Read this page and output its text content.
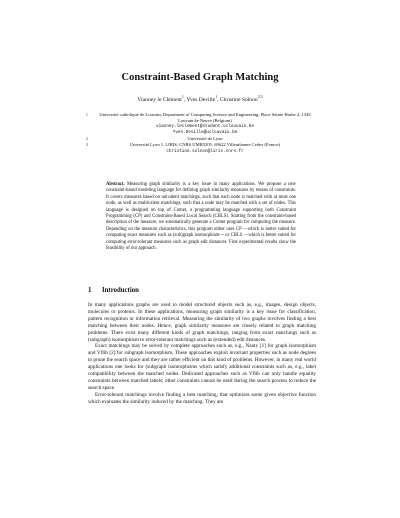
Constraint-Based Graph Matching
Vianney le Clément$^1$, Yves Deville$^1$, Christine Solnon$^{2,3}$
1	Université catholique de Louvain, Department of Computing Science and Engineering, Place Sainte-Barbe 2, 1348 Louvain-la-Neuve (Belgium)
vianney.leclement@student.uclouvain.be
Yves.Deville@uclouvain.be
2	Université de Lyon
3	Université Lyon 1, LIRIS, CNRS UMR5205, 69622 Villeurbanne Cedex (France)
christine.solnon@liris.cnrs.fr
Abstract. Measuring graph similarity is a key issue in many applications. We propose a new constraint-based modeling language for defining graph similarity measures by means of constraints. It covers measures based on univalent matchings, such that each node is matched with at most one node, as well as multivalent matchings, such that a node may be matched with a set of nodes. This language is designed on top of Comet, a programming language supporting both Constraint Programming (CP) and Constraint-Based Local Search (CBLS). Starting from the constraint-based description of the measure, we automatically generate a Comet program for computing the measure. Depending on the measure characteristics, this program either uses CP —which is better suited for computing exact measures such as (sub)graph isomorphism— or CBLS —which is better suited for computing error-tolerant measures such as graph edit distances. First experimental results show the feasibility of our approach.
1 Introduction

In many applications graphs are used to model structured objects such as, e.g., images, design objects, molecules or proteins. In these applications, measuring graph similarity is a key issue for classification, pattern recognition or information retrieval. Measuring the similarity of two graphs involves finding a best matching between their nodes. Hence, graph similarity measures are closely related to graph matching problems. There exist many different kinds of graph matchings, ranging from exact matchings such as (subgraph) isomorphism to error-tolerant matchings such as (extended) edit distances.

Exact matchings may be solved by complete approaches such as, e.g., Nauty [1] for graph isomorphism and Vflib [2] for subgraph isomorphism. These approaches exploit invariant properties such as node degrees to prune the search space and they are rather efficient on this kind of problems. However, in many real world applications one looks for (subgraph isomorphisms which satisfy additional constraints such as, e.g., label compatibility between the matched nodes. Dedicated approaches such as Vflib can only handle equality constraints between matched labels; other constraints cannot be used during the search process to reduce the search space.

Error-tolerant matchings involve finding a best matching, that optimizes some given objective function which evaluates the similarity induced by the matching. They are
